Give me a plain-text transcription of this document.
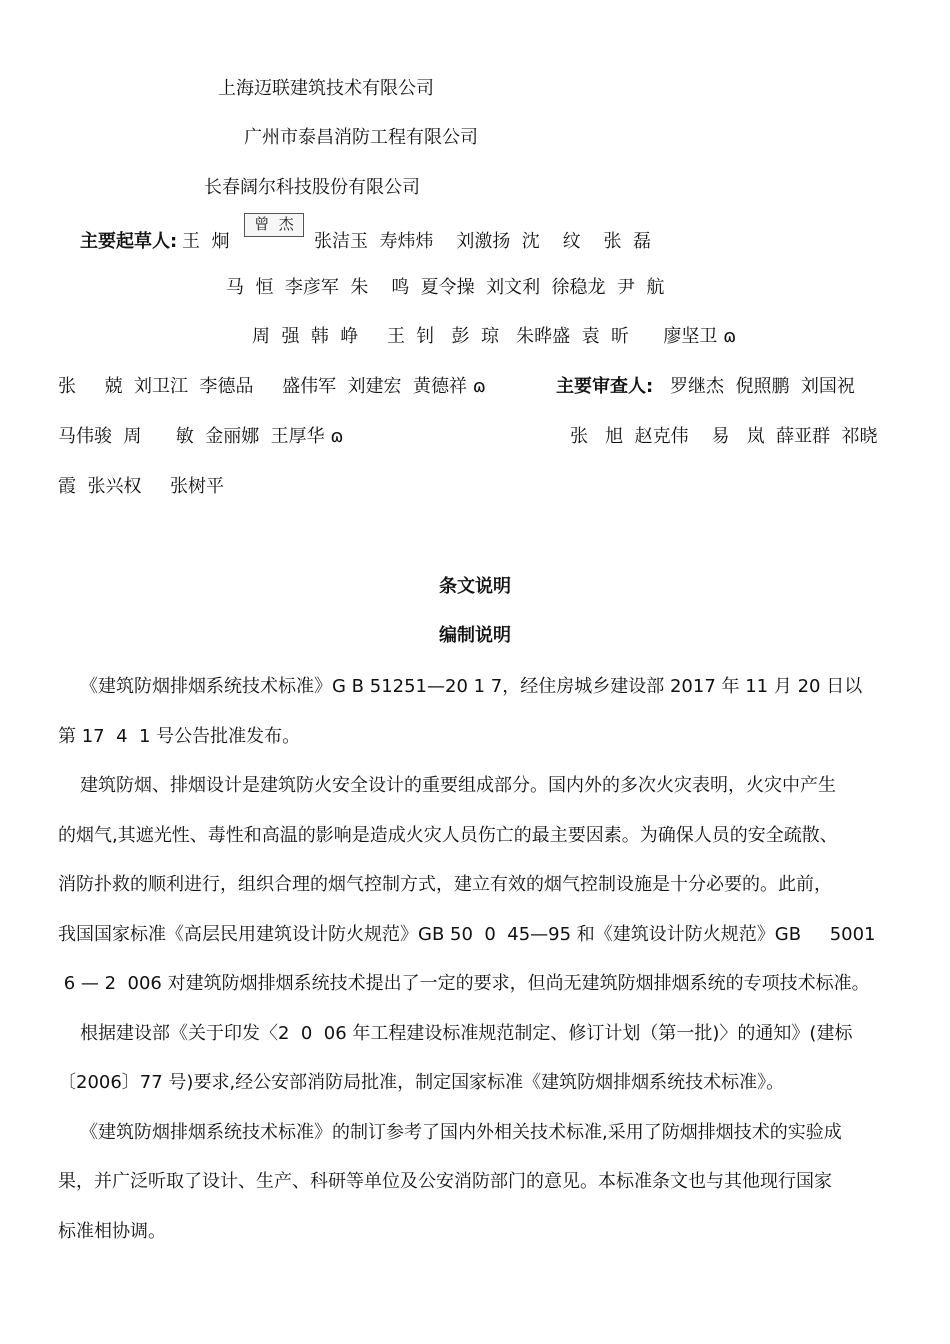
上海迈联建筑技术有限公司
广州市泰昌消防工程有限公司
长春阔尔科技股份有限公司
主要起草人: 王  炯
曾  杰
张洁玉  寿炜炜    刘激扬  沈    纹    张  磊
马  恒  李彦军  朱    鸣  夏令操  刘文利  徐稳龙  尹  航
周  强  韩  峥     王  钊   彭  琼   朱晔盛  袁  昕      廖坚卫 ɷ
张     兢  刘卫江  李德品     盛伟军  刘建宏  黄德祥 ɷ	主要审查人: 罗继杰  倪照鹏  刘国祝
马伟骏  周      敏  金丽娜  王厚华 ɷ	张   旭  赵克伟    易   岚  薛亚群  祁晓
霞  张兴权     张树平
条文说明
编制说明
《建筑防烟排烟系统技术标准》G B 51251—20 1 7，经住房城乡建设部 2017 年 11 月 20 日以
第 17  4  1 号公告批准发布。
建筑防烟、排烟设计是建筑防火安全设计的重要组成部分。国内外的多次火灾表明，火灾中产生
的烟气,其遮光性、毒性和高温的影响是造成火灾人员伤亡的最主要因素。为确保人员的安全疏散、
消防扑救的顺利进行，组织合理的烟气控制方式，建立有效的烟气控制设施是十分必要的。此前，
我国国家标准《高层民用建筑设计防火规范》GB 50  0  45—95 和《建筑设计防火规范》GB     5001
6 — 2  006 对建筑防烟排烟系统技术提出了一定的要求，但尚无建筑防烟排烟系统的专项技术标准。
根据建设部《关于印发〈2  0  06 年工程建设标准规范制定、修订计划（第一批)〉的通知》(建标
〔2006〕77 号)要求,经公安部消防局批准，制定国家标准《建筑防烟排烟系统技术标准》。
《建筑防烟排烟系统技术标准》的制订参考了国内外相关技术标准,采用了防烟排烟技术的实验成
果，并广泛听取了设计、生产、科研等单位及公安消防部门的意见。本标准条文也与其他现行国家
标准相协调。
